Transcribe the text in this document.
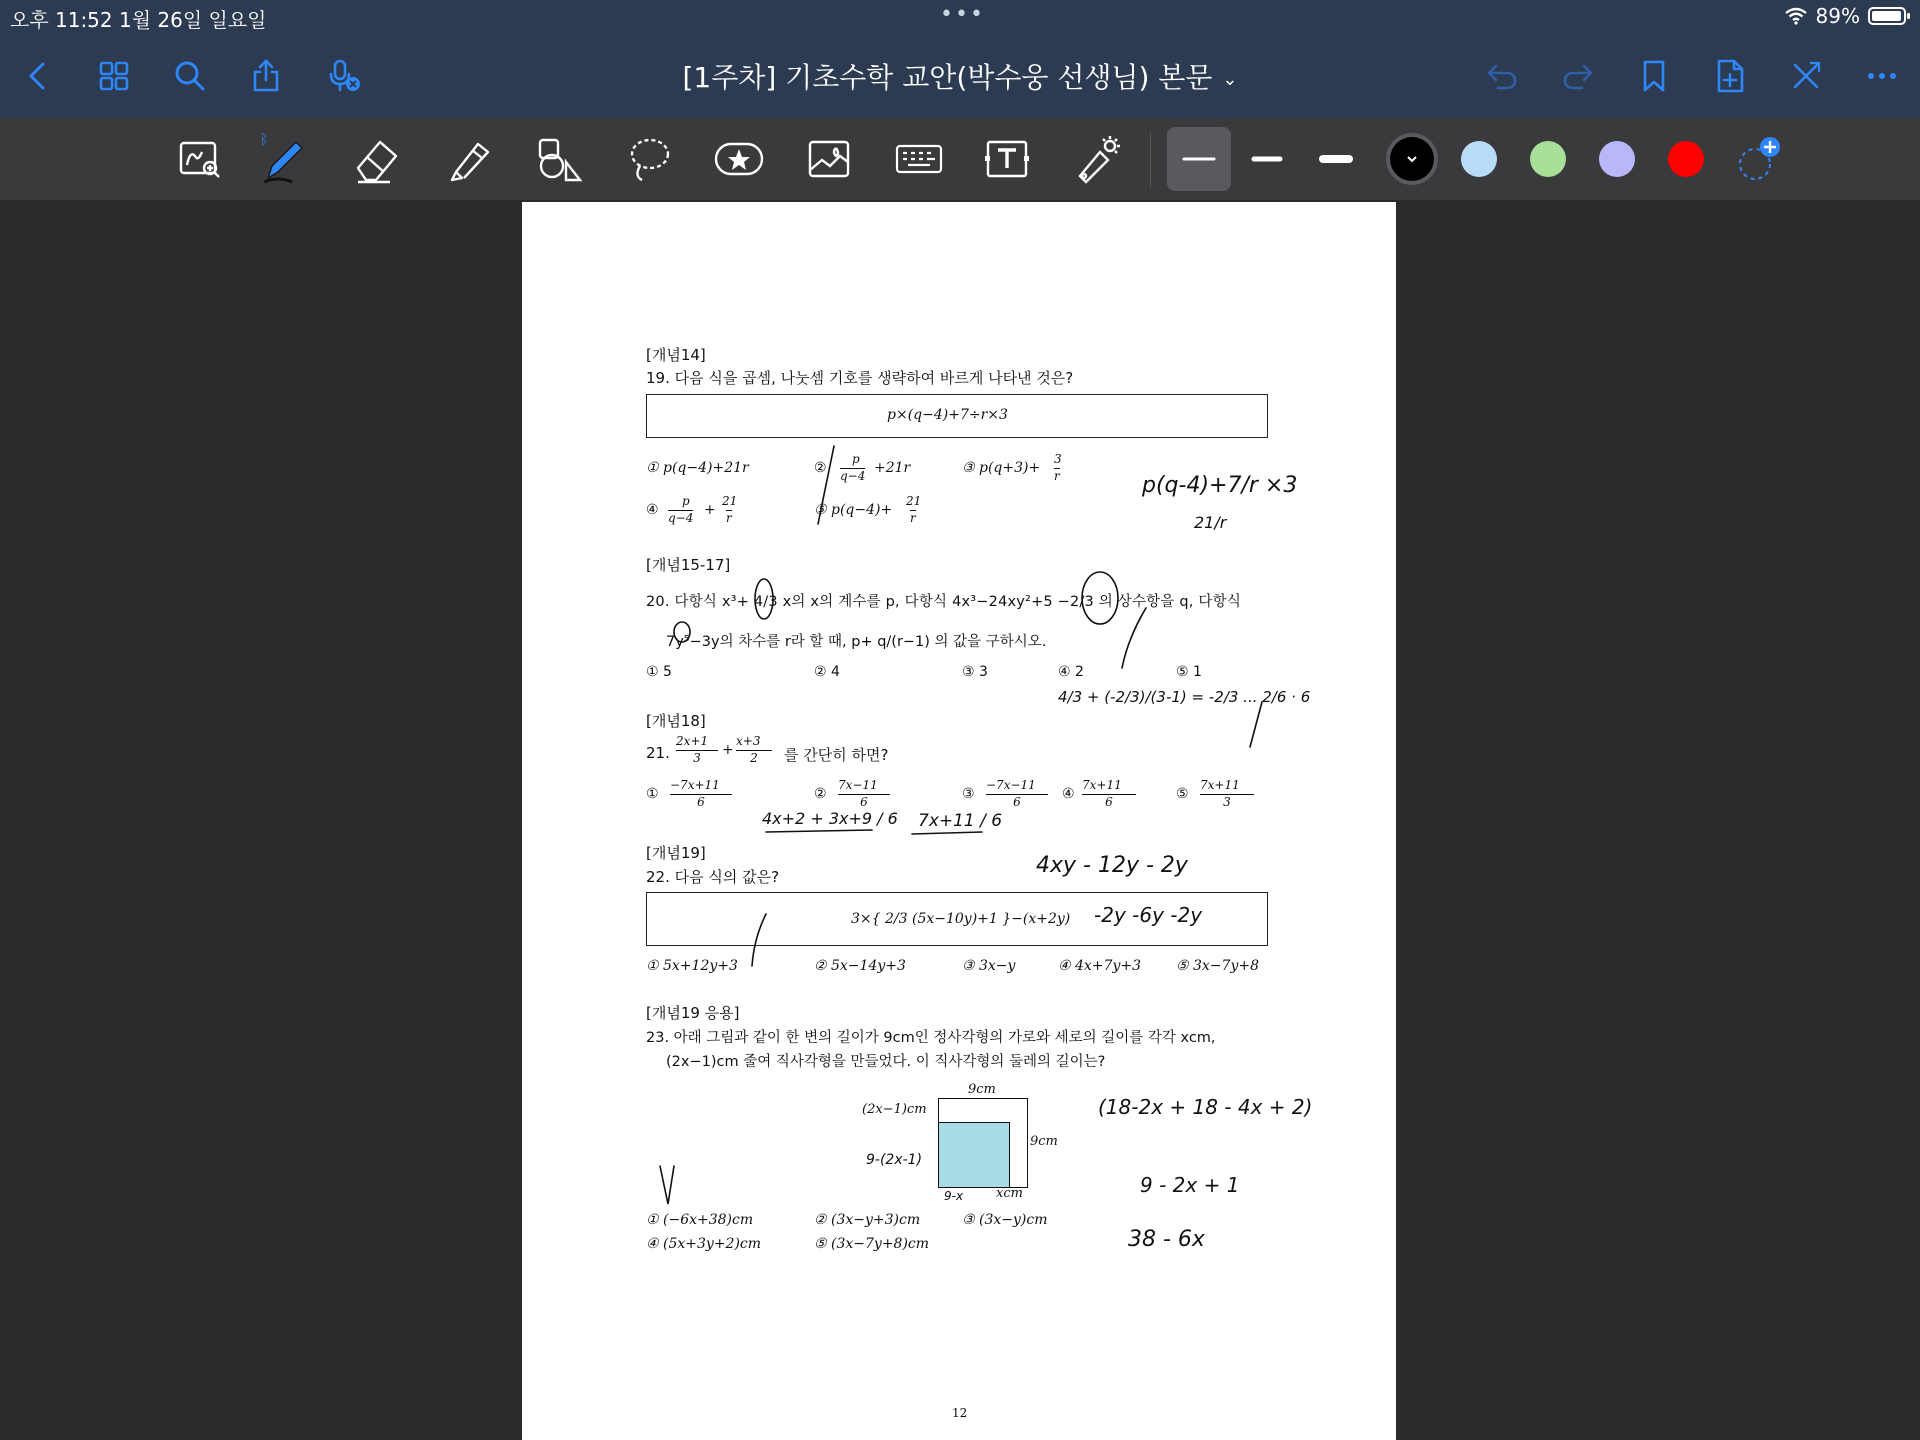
오후 11:52 1월 26일 일요일	•••	89%
[1주차] 기초수학 교안(박수웅 선생님) 본문 ⌄
ᛒ
[개념14]
19. 다음 식을 곱셈, 나눗셈 기호를 생략하여 바르게 나타낸 것은?
p×(q−4)+7÷r×3
① p(q−4)+21r	②
p
q−4 +21r	③ p(q+3)+
3
r
④
p
q−4 +
21
r	⑤ p(q−4)+
21
r
[개념15-17]
20. 다항식 x³+ 4/3 x의 x의 계수를 p, 다항식 4x³−24xy²+5 −2/3 의 상수항을 q, 다항식
7y⁵−3y의 차수를 r라 할 때, p+ q/(r−1) 의 값을 구하시오.
① 5	② 4	③ 3	④ 2	⑤ 1
[개념18]
21.
2x+1
3	+
x+3
2	를 간단히 하면?
①
−7x+11
6	②
7x−11
6	③
−7x−11
6	④
7x+11
6	⑤
7x+11
3
[개념19]
22. 다음 식의 값은?
3×{ 2/3 (5x−10y)+1 }−(x+2y)
① 5x+12y+3	② 5x−14y+3	③ 3x−y	④ 4x+7y+3	⑤ 3x−7y+8
[개념19 응용]
23. 아래 그림과 같이 한 변의 길이가 9cm인 정사각형의 가로와 세로의 길이를 각각 xcm,
(2x−1)cm 줄여 직사각형을 만들었다. 이 직사각형의 둘레의 길이는?
9cm
(2x−1)cm
9cm
xcm
① (−6x+38)cm	② (3x−y+3)cm	③ (3x−y)cm
④ (5x+3y+2)cm	⑤ (3x−7y+8)cm
12
p(q-4)+7/r ×3
21/r
4/3 + (-2/3)/(3-1) = -2/3 ... 2/6 · 6
4x+2 + 3x+9 / 6 7x+11 / 6
4xy - 12y - 2y
-2y -6y -2y
(18-2x + 18 - 4x + 2)
9 - 2x + 1
38 - 6x
9-(2x-1)
9-x
